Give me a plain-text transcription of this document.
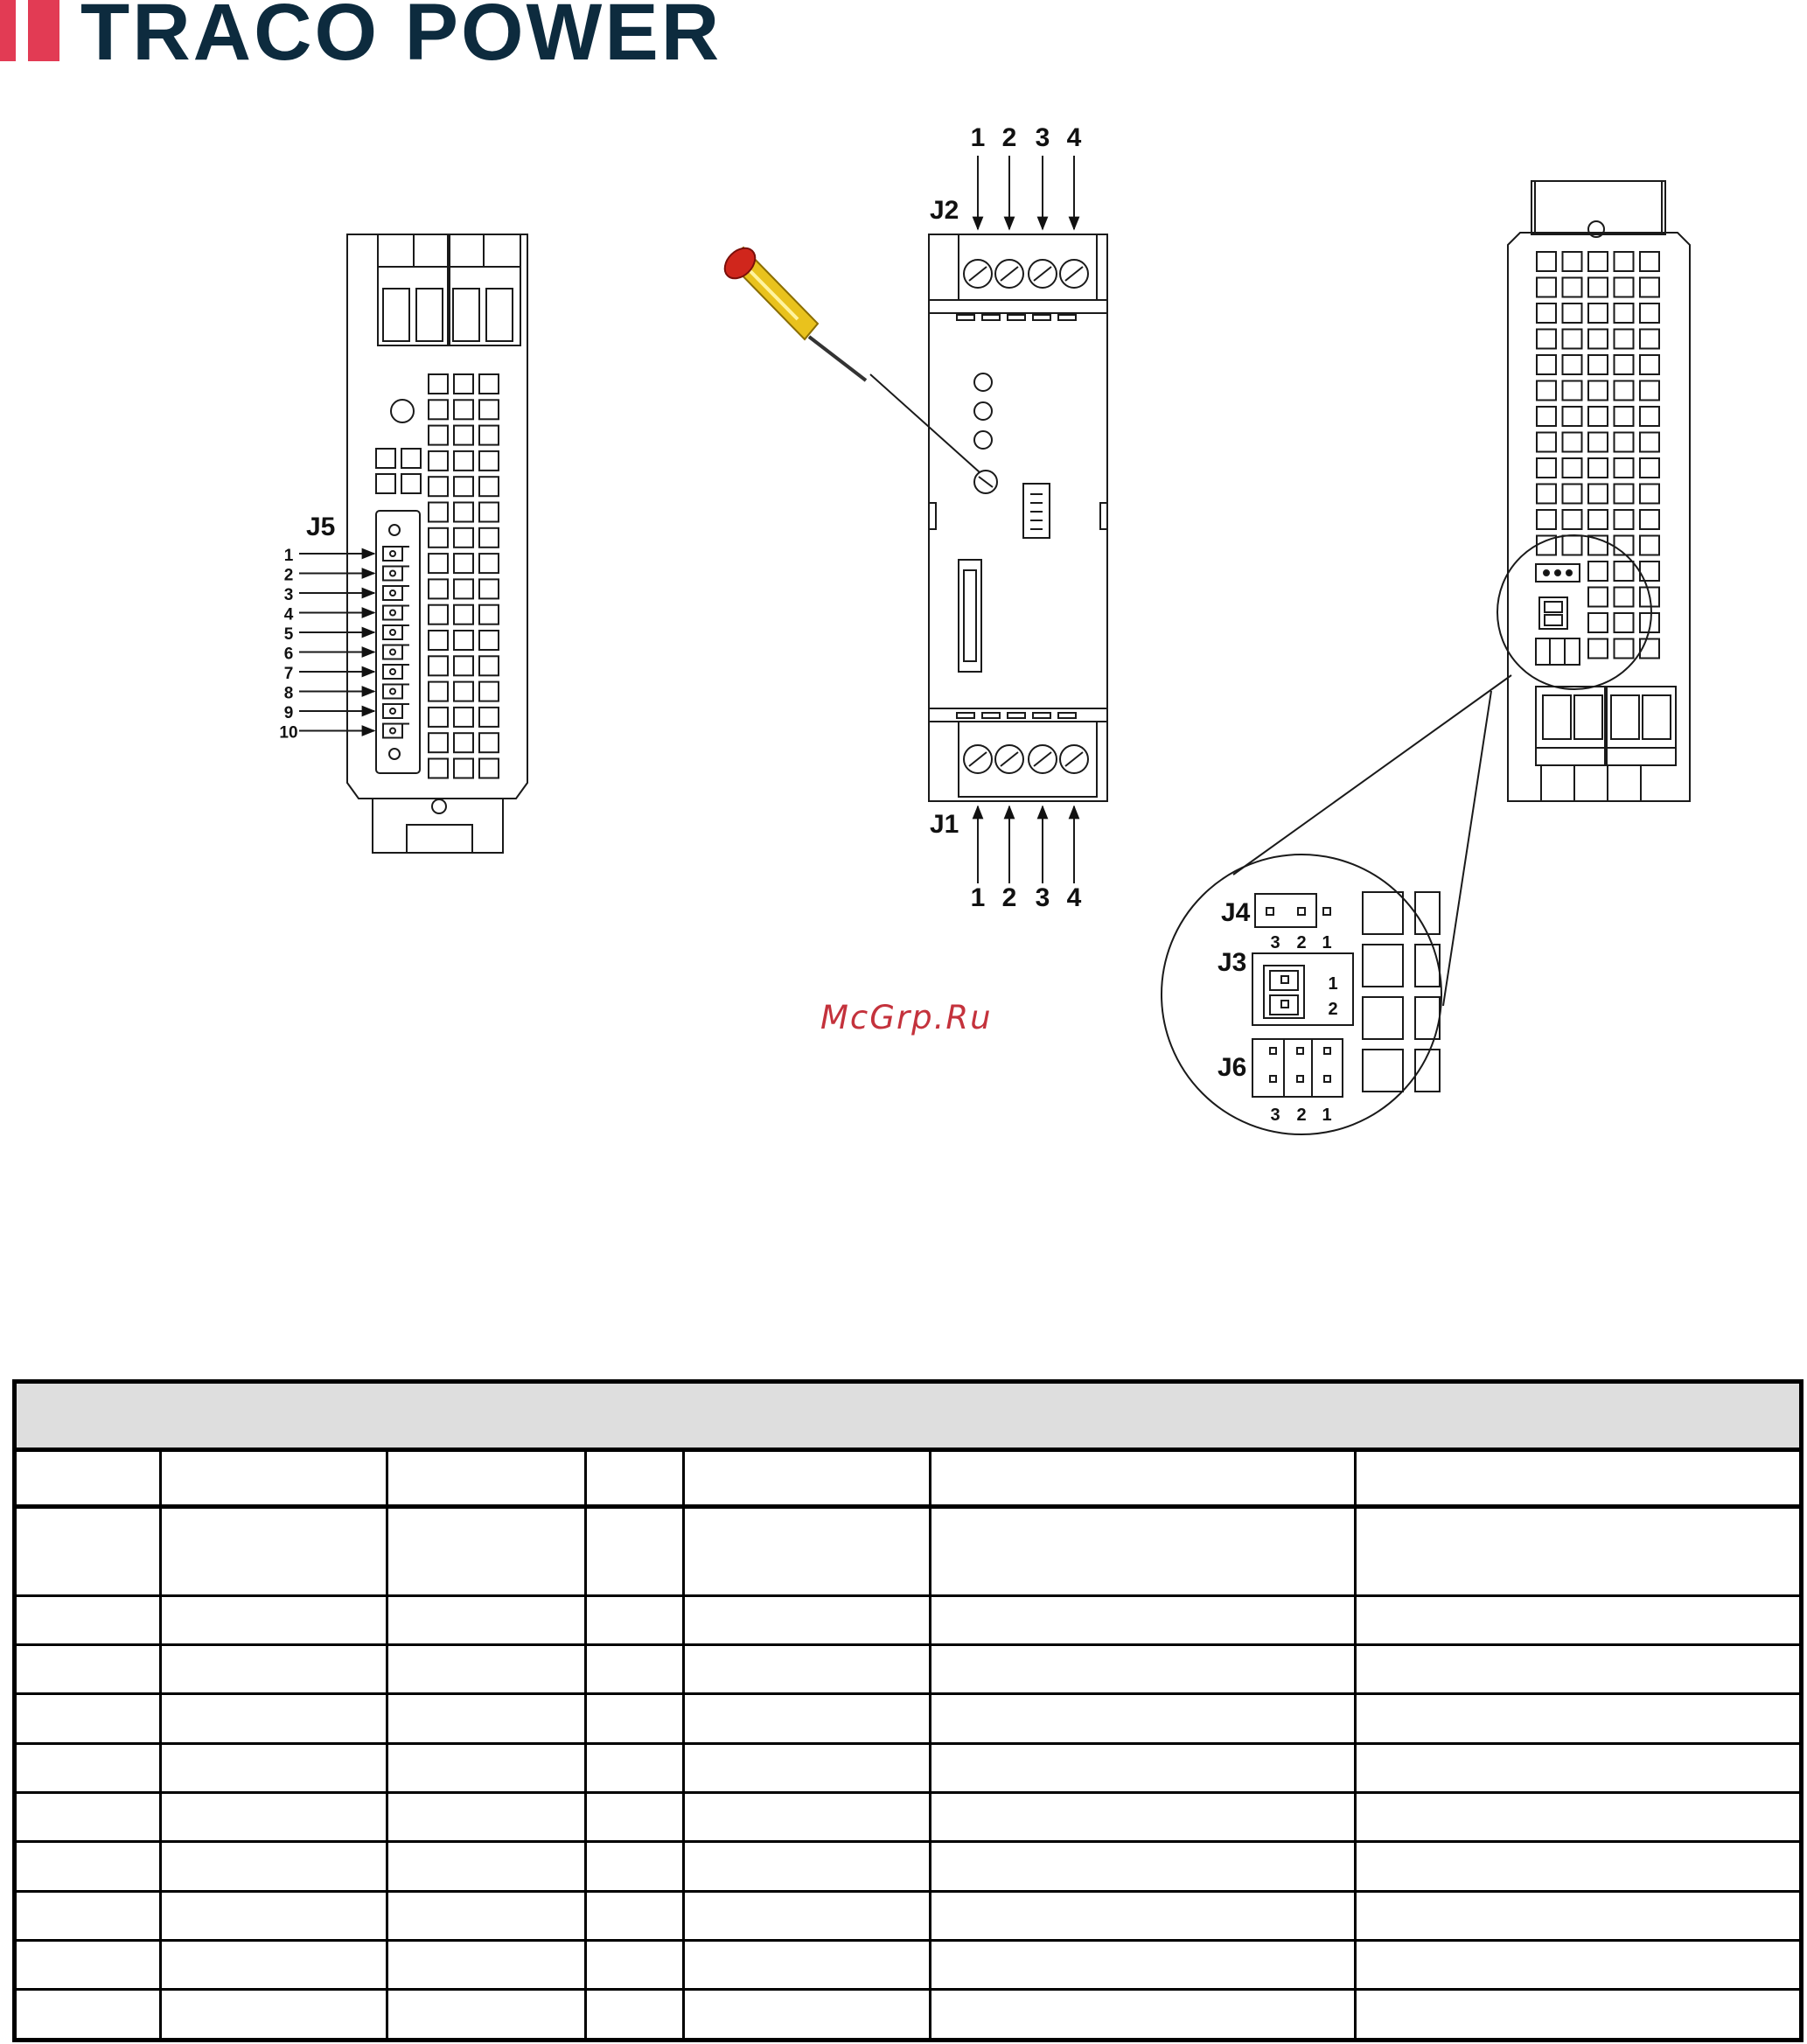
TRACO POWER
J5
1
2
3
4
5
6
7
8
9
10
J2
J1
1 2 3 4
1 2 3 4
J4
J3
J6
3 2 1
1
2
3 2 1
McGrp.Ru
